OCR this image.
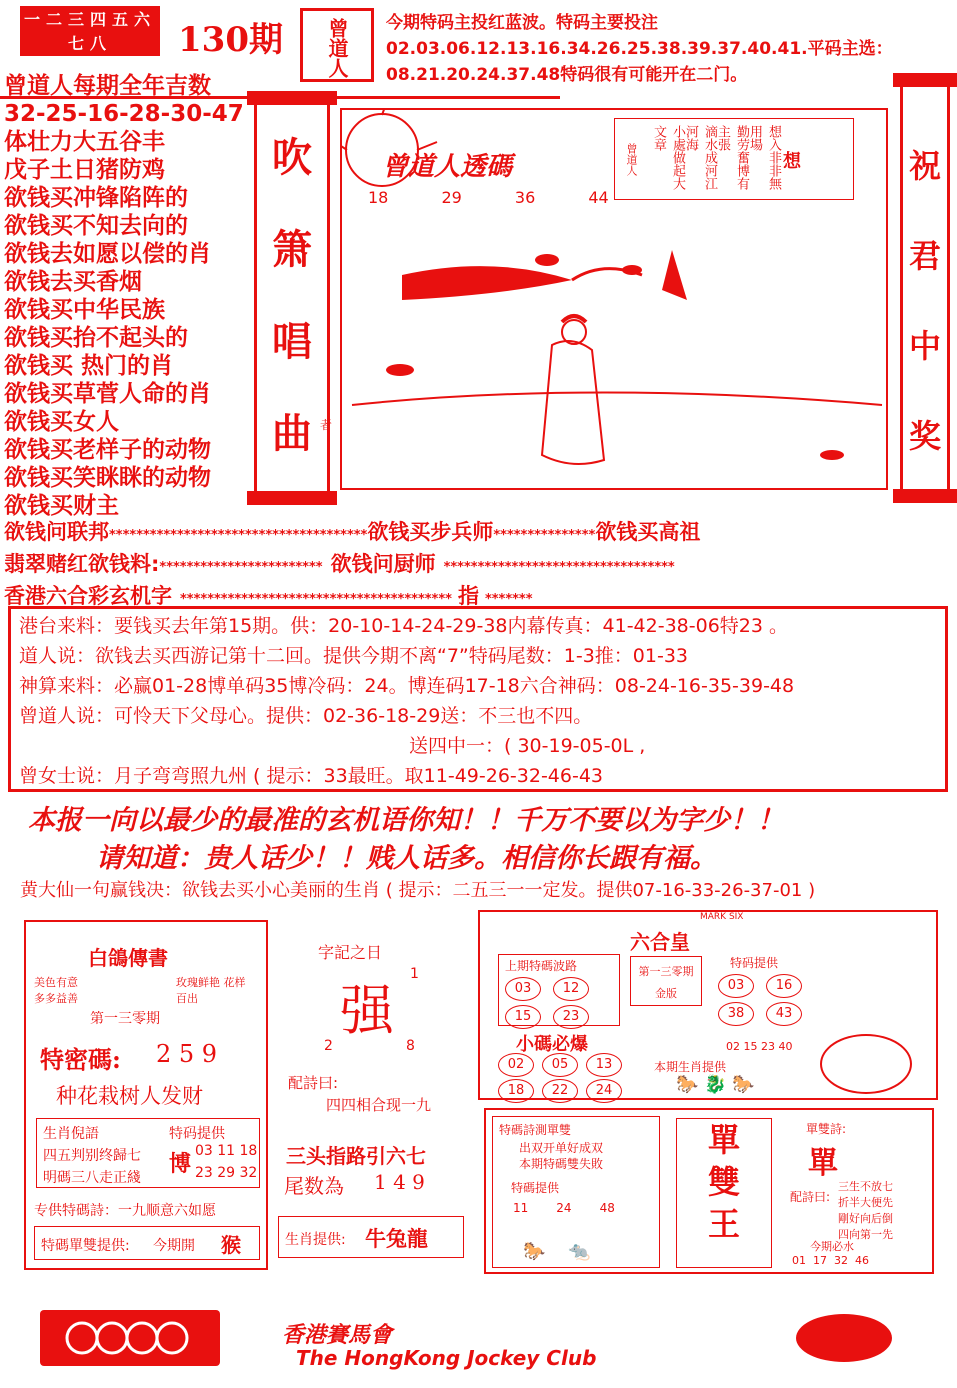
一二三四五六七八	130期 曾道人 今期特码主投红蓝波。特码主要投注02.03.06.12.13.16.34.26.25.38.39.37.40.41.平码主选：08.21.20.24.37.48特码很有可能开在二门。
曾道人每期全年吉数
32-25-16-28-30-47
体壮力大五谷丰
戊子土日猪防鸡
欲钱买冲锋陷阵的
欲钱买不知去向的
欲钱去如愿以偿的肖
欲钱去买香烟
欲钱买中华民族
欲钱买抬不起头的
欲钱买 热门的肖
欲钱买草菅人命的肖
欲钱买女人
欲钱买老样子的动物
欲钱买笑眯眯的动物
欲钱买财主
吹
箫
唱
曲
曾道人透碼
18	29	36	44
曾道人	小處做起大文章	滴水成河江河海	勤劳奮博有主張	想入非非無用場
想
者
祝
君
中
奖
欲钱问联邦**************************************欲钱买步兵师***************欲钱买高祖
翡翠赌红欲钱料:************************ 欲钱问厨师 **********************************
香港六合彩玄机字 **************************************** 指 *******
港台来料：要钱买去年第15期。供：20-10-14-24-29-38内幕传真：41-42-38-06特23 。
道人说：欲钱去买西游记第十二回。提供今期不离“7”特码尾数：1-3推：01-33
神算来料：必赢01-28博单码35博冷码：24。博连码17-18六合神码：08-24-16-35-39-48
曾道人说：可怜天下父母心。提供：02-36-18-29送：不三也不四。
送四中一：( 30-19-05-0L ,
曾女士说：月子弯弯照九州 ( 提示：33最旺。取11-49-26-32-46-43
本报一向以最少的最准的玄机语你知！！千万不要以为字少！！
请知道：贵人话少！！贱人话多。相信你长跟有福。
黄大仙一句赢钱决：欲钱去买小心美丽的生肖 ( 提示：二五三一一定发。提供07-16-33-26-37-01 )
白鴿傳書
美色有意 多多益善
玫瑰鲜艳 花样百出
第一三零期
特密碼: 2 5 9
种花栽树人发财
生肖倪語
四五判别终歸七
明碼三八走正綫
特码提供
博 03 11 18
23 29 32
专供特碼詩：一九顺意六如愿
特碼單雙提供: 今期開 猴
字記之日
强
1
2	8
配詩曰:
四四相合现一九
三头指路引六七
尾数為 1 4 9
生肖提供: 牛兔龍
六合皇
上期特碼波路
03 12
15 23
第一三零期
金版
特码提供
03 16
38 43
小碼必爆
02 05 13 18 22 24
02 15 23 40
本期生肖提供
🐎 🐉 🐎
特碼詩測單雙
出双开单好成双
本期特碼雙失敗
特碼提供
11 24 48
🐎 🐀
單
雙
王
單雙詩:
單
配詩曰:
三生不放七
折半大便先
剛好向后倒
四向第一先
今期必水
01  17  32  46
MARK SIX
香港賽馬會
The HongKong Jockey Club
